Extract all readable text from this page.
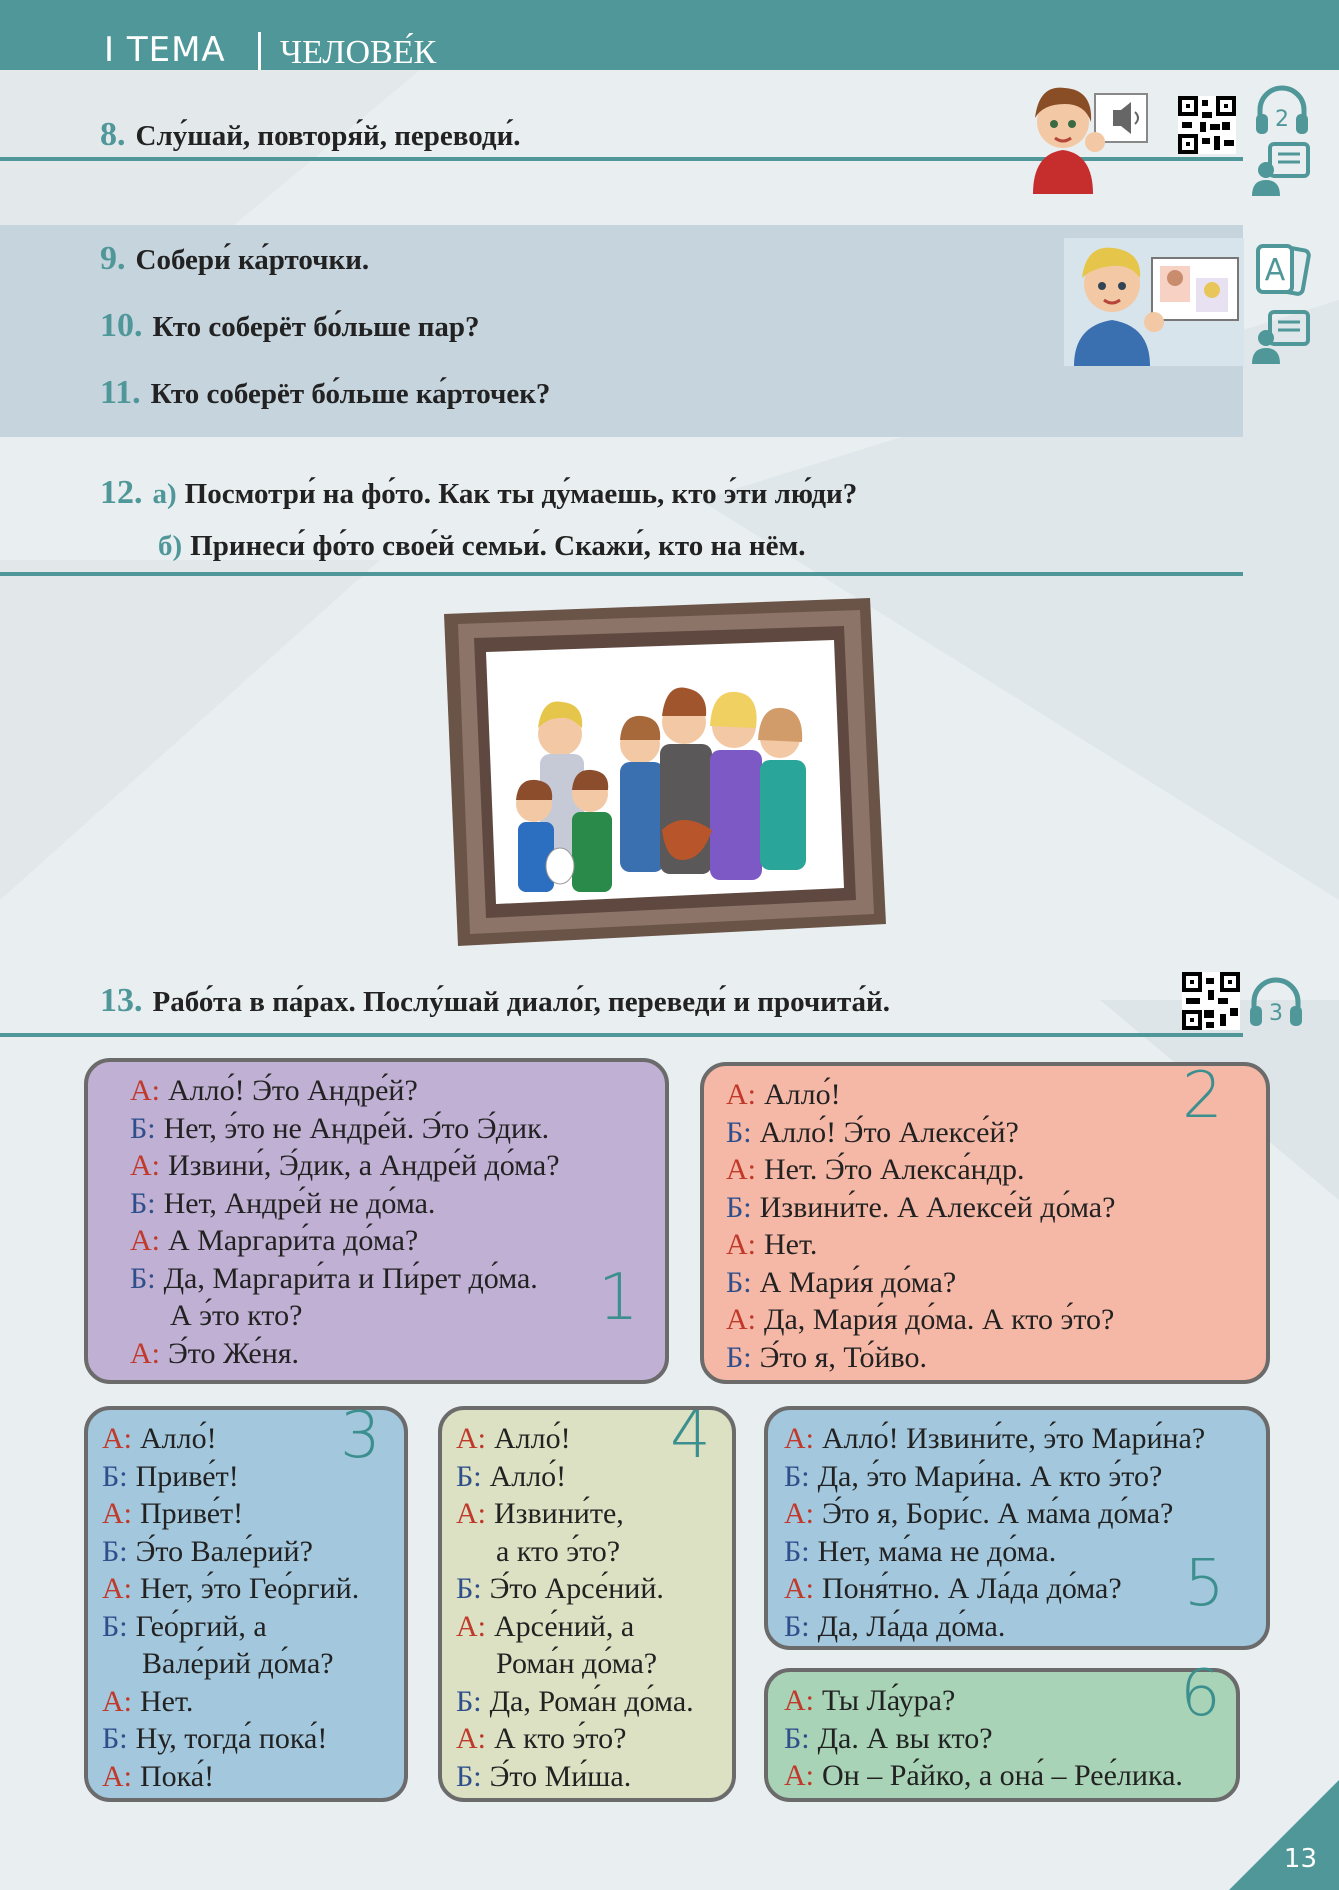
I ТЕМА ЧЕЛОВЕ́К
8. Слу́шай, повторя́й, переводи́.
2
9. Собери́ ка́рточки.
10. Кто соберёт бо́льше пар?
11. Кто соберёт бо́льше ка́рточек?
A
12. а) Посмотри́ на фо́то. Как ты ду́маешь, кто э́ти лю́ди?
б) Принеси́ фо́то свое́й семьи́. Скажи́, кто на нём.
13. Рабо́та в па́рах. Послу́шай диало́г, переведи́ и прочита́й.	3
А: Алло́! Э́то Андре́й?
Б: Нет, э́то не Андре́й. Э́то Э́дик.
А: Извини́, Э́дик, а Андре́й до́ма?
Б: Нет, Андре́й не до́ма.
А: А Маргари́та до́ма?
Б: Да, Маргари́та и Пи́рет до́ма.
А э́то кто?
А: Э́то Же́ня.
1
А: Алло́!
Б: Алло́! Э́то Алексе́й?
А: Нет. Э́то Алекса́ндр.
Б: Извини́те. А Алексе́й до́ма?
А: Нет.
Б: А Мари́я до́ма?
А: Да, Мари́я до́ма. А кто э́то?
Б: Э́то я, То́йво.
2
А: Алло́!
Б: Приве́т!
А: Приве́т!
Б: Э́то Вале́рий?
А: Нет, э́то Гео́ргий.
Б: Гео́ргий, а
Вале́рий до́ма?
А: Нет.
Б: Ну, тогда́ пока́!
А: Пока́!
3	А: Алло́!
Б: Алло́!
А: Извини́те,
а кто э́то?
Б: Э́то Арсе́ний.
А: Арсе́ний, а
Рома́н до́ма?
Б: Да, Рома́н до́ма.
А: А кто э́то?
Б: Э́то Ми́ша.
4 А: Алло́! Извини́те, э́то Мари́на?
Б: Да, э́то Мари́на. А кто э́то?
А: Э́то я, Бори́с. А ма́ма до́ма?
Б: Нет, ма́ма не до́ма.
А: Поня́тно. А Ла́да до́ма?
Б: Да, Ла́да до́ма.
5
А: Ты Ла́ура?
Б: Да. А вы кто?
А: Он – Ра́йко, а она́ – Рее́лика.
6
13
